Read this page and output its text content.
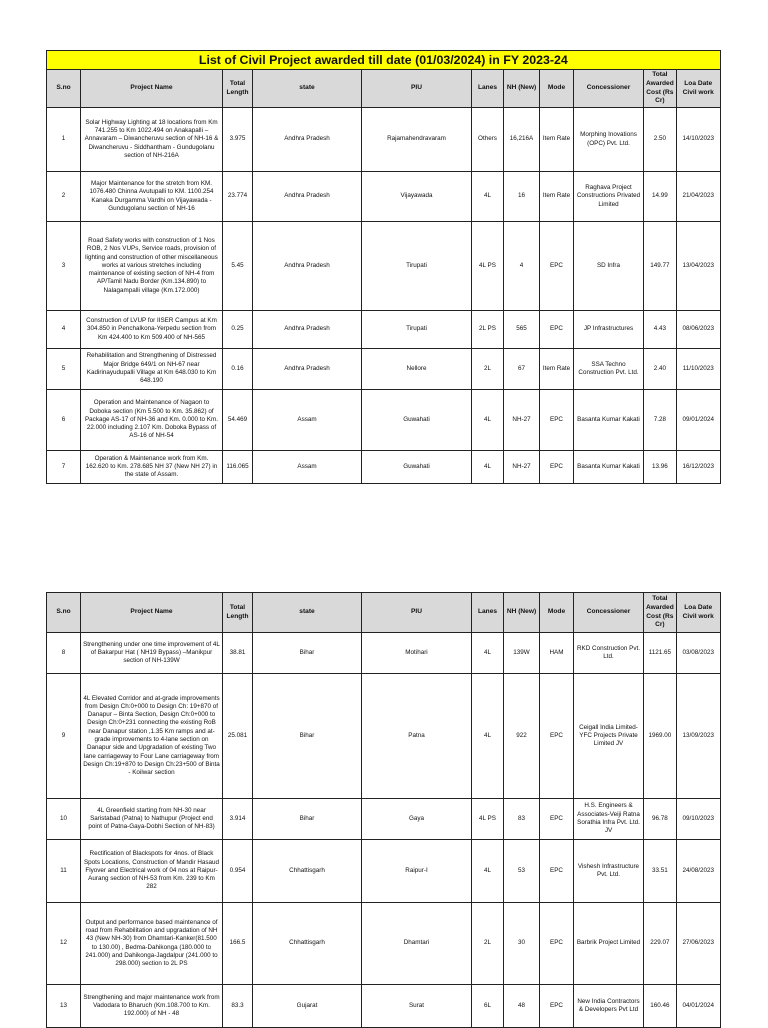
List of Civil Project awarded till date (01/03/2024) in FY 2023-24										
S.no	Project Name	Total Length	state	PIU	Lanes	NH (New)	Mode	Concessioner	Total Awarded Cost (Rs Cr)	Loa Date Civil work
1	Solar Highway Lighting at 18 locations from Km 741.255 to Km 1022.494 on Anakapalli – Annavaram – Diwancheruvu section of NH-16 & Diwancheruvu - Siddhantham - Gundugolanu section of NH-216A	3.975	Andhra Pradesh	Rajamahendravaram	Others	16,216A	Item Rate	Morphing Inovations (OPC) Pvt. Ltd.	2.50	14/10/2023
2	Major Maintenance for the stretch from KM. 1076.480 Chinna Avutupalli to KM. 1100.254 Kanaka Durgamma Vardhi on Vijayawada - Gundugolanu section of NH-16	23.774	Andhra Pradesh	Vijayawada	4L	16	Item Rate	Raghava Project Constructions Privated Limited	14.99	21/04/2023
3	Road Safety works with construction of 1 Nos ROB, 2 Nos VUPs, Service roads, provision of lighting and construction of other miscellaneous works at various stretches including maintenance of existing section of NH-4 from AP/Tamil Nadu Border (Km.134.890) to Nalagampalli village (Km.172.000)	5.45	Andhra Pradesh	Tirupati	4L PS	4	EPC	SD Infra	149.77	13/04/2023
4	Construction of LVUP for IISER Campus at Km 304.850 in Penchalkona-Yerpedu section from Km 424.400 to Km 509.400 of NH-565	0.25	Andhra Pradesh	Tirupati	2L PS	565	EPC	JP Infrastructures	4.43	08/06/2023
5	Rehabilitation and Strengthening of Distressed Major Bridge 649/1 on NH-67 near Kadirinayudupalli Village at Km 648.030 to Km 648.190	0.16	Andhra Pradesh	Nellore	2L	67	Item Rate	SSA Techno Construction Pvt. Ltd.	2.40	11/10/2023
6	Operation and Maintenance of Nagaon to Doboka section (Km 5.500 to Km. 35.862) of Package AS-17 of NH-36 and Km. 0.000 to Km. 22.000 including 2.107 Km. Doboka Bypass of AS-16 of NH-54	54.469	Assam	Guwahati	4L	NH-27	EPC	Basanta Kumar Kakati	7.28	09/01/2024
7	Operation & Maintenance work from Km. 162.620 to Km. 278.685 NH 37 (New NH 27) in the state of Assam.	116.065	Assam	Guwahati	4L	NH-27	EPC	Basanta Kumar Kakati	13.96	16/12/2023
S.no	Project Name	Total Length	state	PIU	Lanes	NH (New)	Mode	Concessioner	Total Awarded Cost (Rs Cr)	Loa Date Civil work
8	Strengthening under one time improvement of 4L of Bakarpur Hat ( NH19 Bypass) –Manikpur section of NH-139W	38.81	Bihar	Motihari	4L	139W	HAM	RKD Construction Pvt. Ltd.	1121.65	03/08/2023
9	4L Elevated Corridor and at-grade improvements from Design Ch:0+000 to Design Ch: 19+870 of Danapur – Binta Section, Design Ch:0+000 to Design Ch:0+231 connecting the existing RoB near Danapur station ,1.35 Km ramps and at-grade improvements to 4-lane section on Danapur side and Upgradation of existing Two lane carriageway to Four Lane carriageway from Design Ch:19+870 to Design Ch:23+500 of Binta - Koilwar section	25.081	Bihar	Patna	4L	922	EPC	Ceigall India Limited-YFC Projects Private Limited JV	1969.00	13/09/2023
10	4L Greenfield starting from NH-30 near Saristabad (Patna) to Nathupur (Project end point of Patna-Gaya-Dobhi Section of NH-83)	3.914	Bihar	Gaya	4L PS	83	EPC	H.S. Engineers & Associates-Veiji Ratna Sorathia Infra Pvt. Ltd. JV	96.78	09/10/2023
11	Rectification of Blackspots for 4nos. of Black Spots Locations, Construction of Mandir Hasaud Flyover and Electrical work of 04 nos at Raipur-Aurang section of NH-53 from Km. 239 to Km 282	0.954	Chhattisgarh	Raipur-I	4L	53	EPC	Vishesh Infrastructure Pvt. Ltd.	33.51	24/08/2023
12	Output and performance based maintenance of road from Rehabilitation and upgradation of NH 43 (New NH-30) from Dhamtari-Kanker(81.500 to 130.00) , Bedma-Dahikonga (180.000 to 241.000) and Dahikonga-Jagdalpur (241.000 to 298.000) section to 2L PS	166.5	Chhattisgarh	Dhamtari	2L	30	EPC	Barbrik Project Limited	229.07	27/06/2023
13	Strengthening and major maintenance work from Vadodara to Bharuch (Km.108.700 to Km. 192.000) of NH - 48	83.3	Gujarat	Surat	6L	48	EPC	New India Contractors & Developers Pvt Ltd	160.46	04/01/2024
